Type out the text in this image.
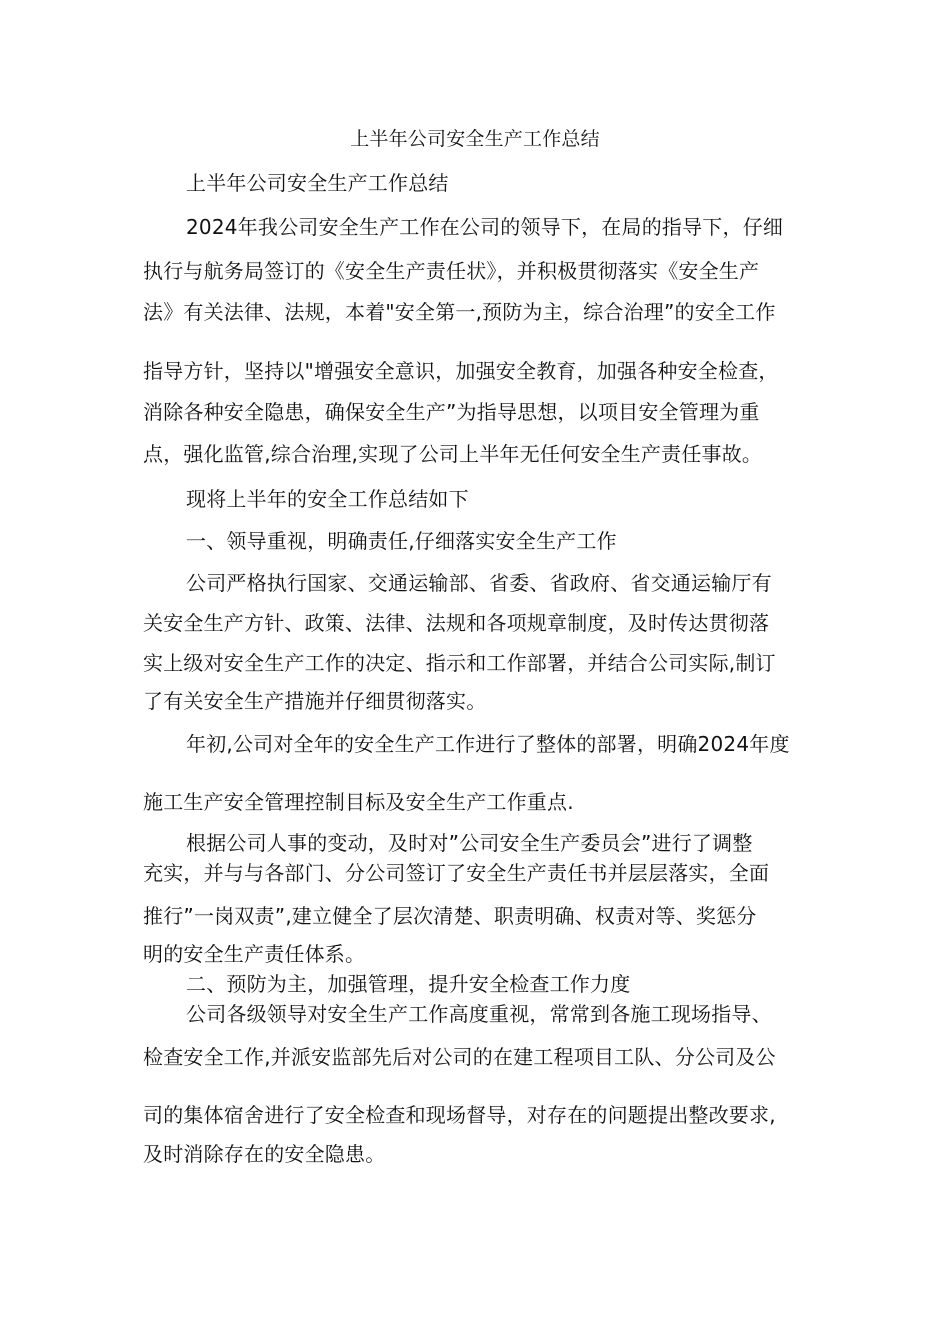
上半年公司安全生产工作总结
上半年公司安全生产工作总结
2024年我公司安全生产工作在公司的领导下，在局的指导下，仔细
执行与航务局签订的《安全生产责任状》，并积极贯彻落实《安全生产
法》有关法律、法规，本着"安全第一,预防为主，综合治理”的安全工作
指导方针，坚持以"增强安全意识，加强安全教育，加强各种安全检查，
消除各种安全隐患，确保安全生产”为指导思想，以项目安全管理为重
点，强化监管,综合治理,实现了公司上半年无任何安全生产责任事故。
现将上半年的安全工作总结如下
一、领导重视，明确责任,仔细落实安全生产工作
公司严格执行国家、交通运输部、省委、省政府、省交通运输厅有
关安全生产方针、政策、法律、法规和各项规章制度，及时传达贯彻落
实上级对安全生产工作的决定、指示和工作部署，并结合公司实际,制订
了有关安全生产措施并仔细贯彻落实。
年初,公司对全年的安全生产工作进行了整体的部署，明确2024年度
施工生产安全管理控制目标及安全生产工作重点.
根据公司人事的变动，及时对”公司安全生产委员会”进行了调整
充实，并与与各部门、分公司签订了安全生产责任书并层层落实，全面
推行”一岗双责”,建立健全了层次清楚、职责明确、权责对等、奖惩分
明的安全生产责任体系。
二、预防为主，加强管理，提升安全检查工作力度
公司各级领导对安全生产工作高度重视，常常到各施工现场指导、
检查安全工作,并派安监部先后对公司的在建工程项目工队、分公司及公
司的集体宿舍进行了安全检查和现场督导，对存在的问题提出整改要求,
及时消除存在的安全隐患。
